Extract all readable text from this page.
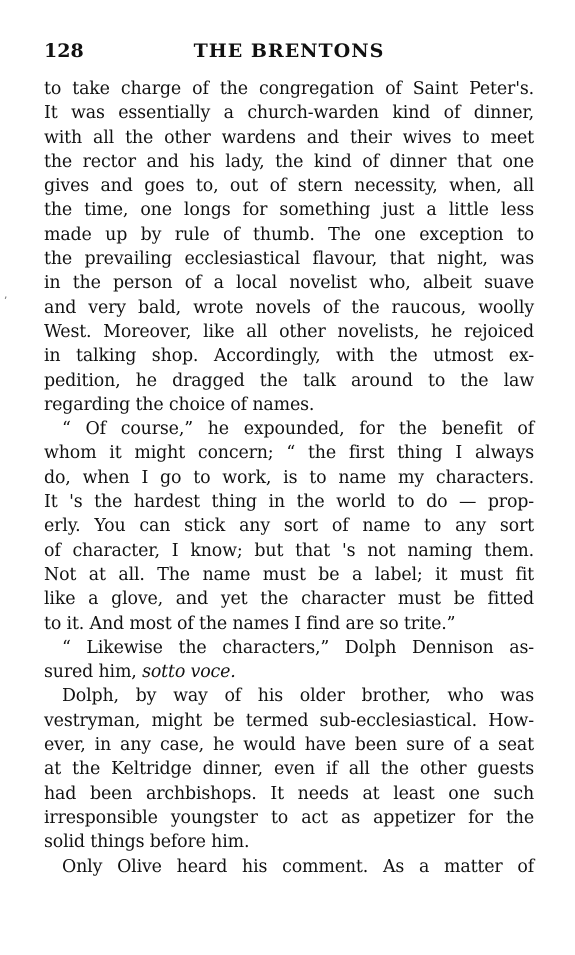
128	THE BRENTONS
to take charge of the congregation of Saint Peter's.
It was essentially a church-warden kind of dinner,
with all the other wardens and their wives to meet
the rector and his lady, the kind of dinner that one
gives and goes to, out of stern necessity, when, all
the time, one longs for something just a little less
made up by rule of thumb. The one exception to
the prevailing ecclesiastical flavour, that night, was
in the person of a local novelist who, albeit suave
and very bald, wrote novels of the raucous, woolly
West. Moreover, like all other novelists, he rejoiced
in talking shop. Accordingly, with the utmost ex-
pedition, he dragged the talk around to the law
regarding the choice of names.
“ Of course,” he expounded, for the benefit of
whom it might concern; “ the first thing I always
do, when I go to work, is to name my characters.
It 's the hardest thing in the world to do — prop-
erly. You can stick any sort of name to any sort
of character, I know; but that 's not naming them.
Not at all. The name must be a label; it must fit
like a glove, and yet the character must be fitted
to it. And most of the names I find are so trite.”
“ Likewise the characters,” Dolph Dennison as-
sured him, sotto voce.
Dolph, by way of his older brother, who was
vestryman, might be termed sub-ecclesiastical. How-
ever, in any case, he would have been sure of a seat
at the Keltridge dinner, even if all the other guests
had been archbishops. It needs at least one such
irresponsible youngster to act as appetizer for the
solid things before him.
Only Olive heard his comment. As a matter of
’
